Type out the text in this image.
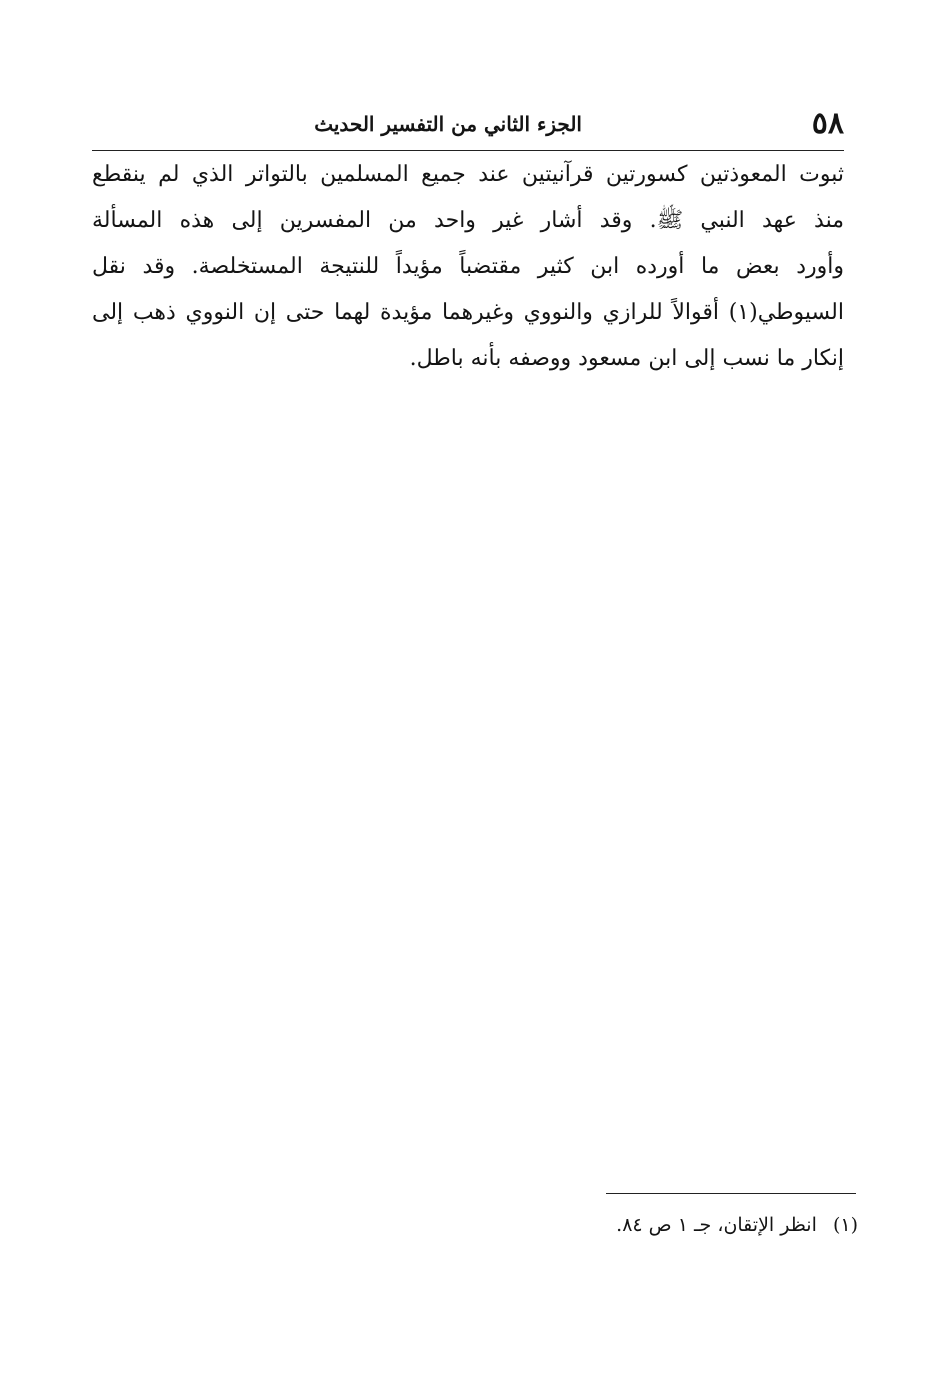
٥٨
الجزء الثاني من التفسير الحديث
ثبوت المعوذتين كسورتين قرآنيتين عند جميع المسلمين بالتواتر الذي لم ينقطع
منذ عهد النبي ﷺ. وقد أشار غير واحد من المفسرين إلى هذه المسألة
وأورد بعض ما أورده ابن كثير مقتضباً مؤيداً للنتيجة المستخلصة. وقد نقل
السيوطي(١) أقوالاً للرازي والنووي وغيرهما مؤيدة لهما حتى إن النووي ذهب إلى
إنكار ما نسب إلى ابن مسعود ووصفه بأنه باطل.
(١) انظر الإتقان، جـ ١ ص ٨٤.
